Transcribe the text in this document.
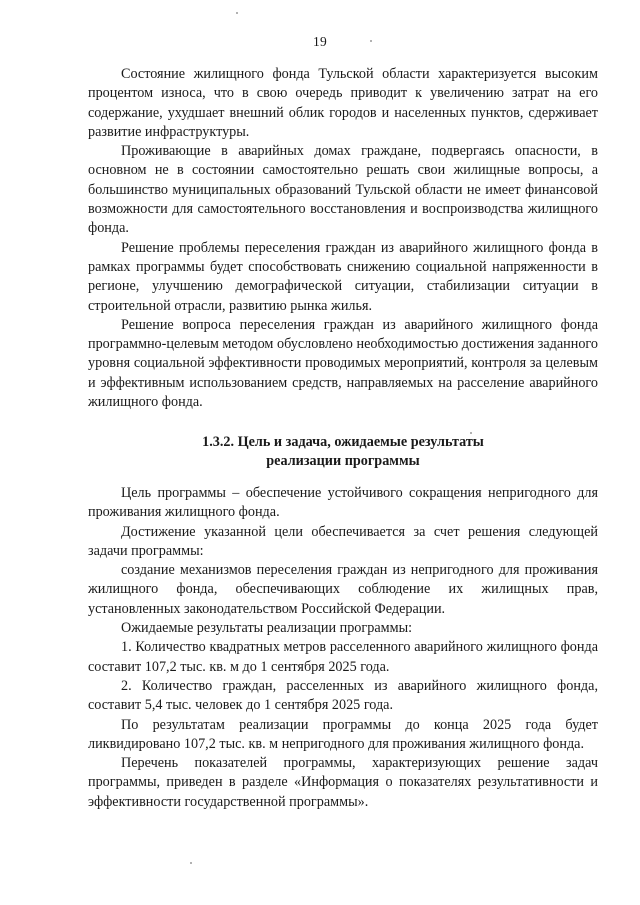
19

Состояние жилищного фонда Тульской области характеризуется высоким процентом износа, что в свою очередь приводит к увеличению затрат на его содержание, ухудшает внешний облик городов и населенных пунктов, сдерживает развитие инфраструктуры.

Проживающие в аварийных домах граждане, подвергаясь опасности, в основном не в состоянии самостоятельно решать свои жилищные вопросы, а большинство муниципальных образований Тульской области не имеет финансовой возможности для самостоятельного восстановления и воспроизводства жилищного фонда.

Решение проблемы переселения граждан из аварийного жилищного фонда в рамках программы будет способствовать снижению социальной напряженности в регионе, улучшению демографической ситуации, стабилизации ситуации в строительной отрасли, развитию рынка жилья.

Решение вопроса переселения граждан из аварийного жилищного фонда программно-целевым методом обусловлено необходимостью достижения заданного уровня социальной эффективности проводимых мероприятий, контроля за целевым и эффективным использованием средств, направляемых на расселение аварийного жилищного фонда.

1.3.2. Цель и задача, ожидаемые результаты
реализации программы

Цель программы – обеспечение устойчивого сокращения непригодного для проживания жилищного фонда.

Достижение указанной цели обеспечивается за счет решения следующей задачи программы:

создание механизмов переселения граждан из непригодного для проживания жилищного фонда, обеспечивающих соблюдение их жилищных прав, установленных законодательством Российской Федерации.

Ожидаемые результаты реализации программы:

1. Количество квадратных метров расселенного аварийного жилищного фонда составит 107,2 тыс. кв. м до 1 сентября 2025 года.

2. Количество граждан, расселенных из аварийного жилищного фонда, составит 5,4 тыс. человек до 1 сентября 2025 года.

По результатам реализации программы до конца 2025 года будет ликвидировано 107,2 тыс. кв. м непригодного для проживания жилищного фонда.

Перечень показателей программы, характеризующих решение задач программы, приведен в разделе «Информация о показателях результативности и эффективности государственной программы».
